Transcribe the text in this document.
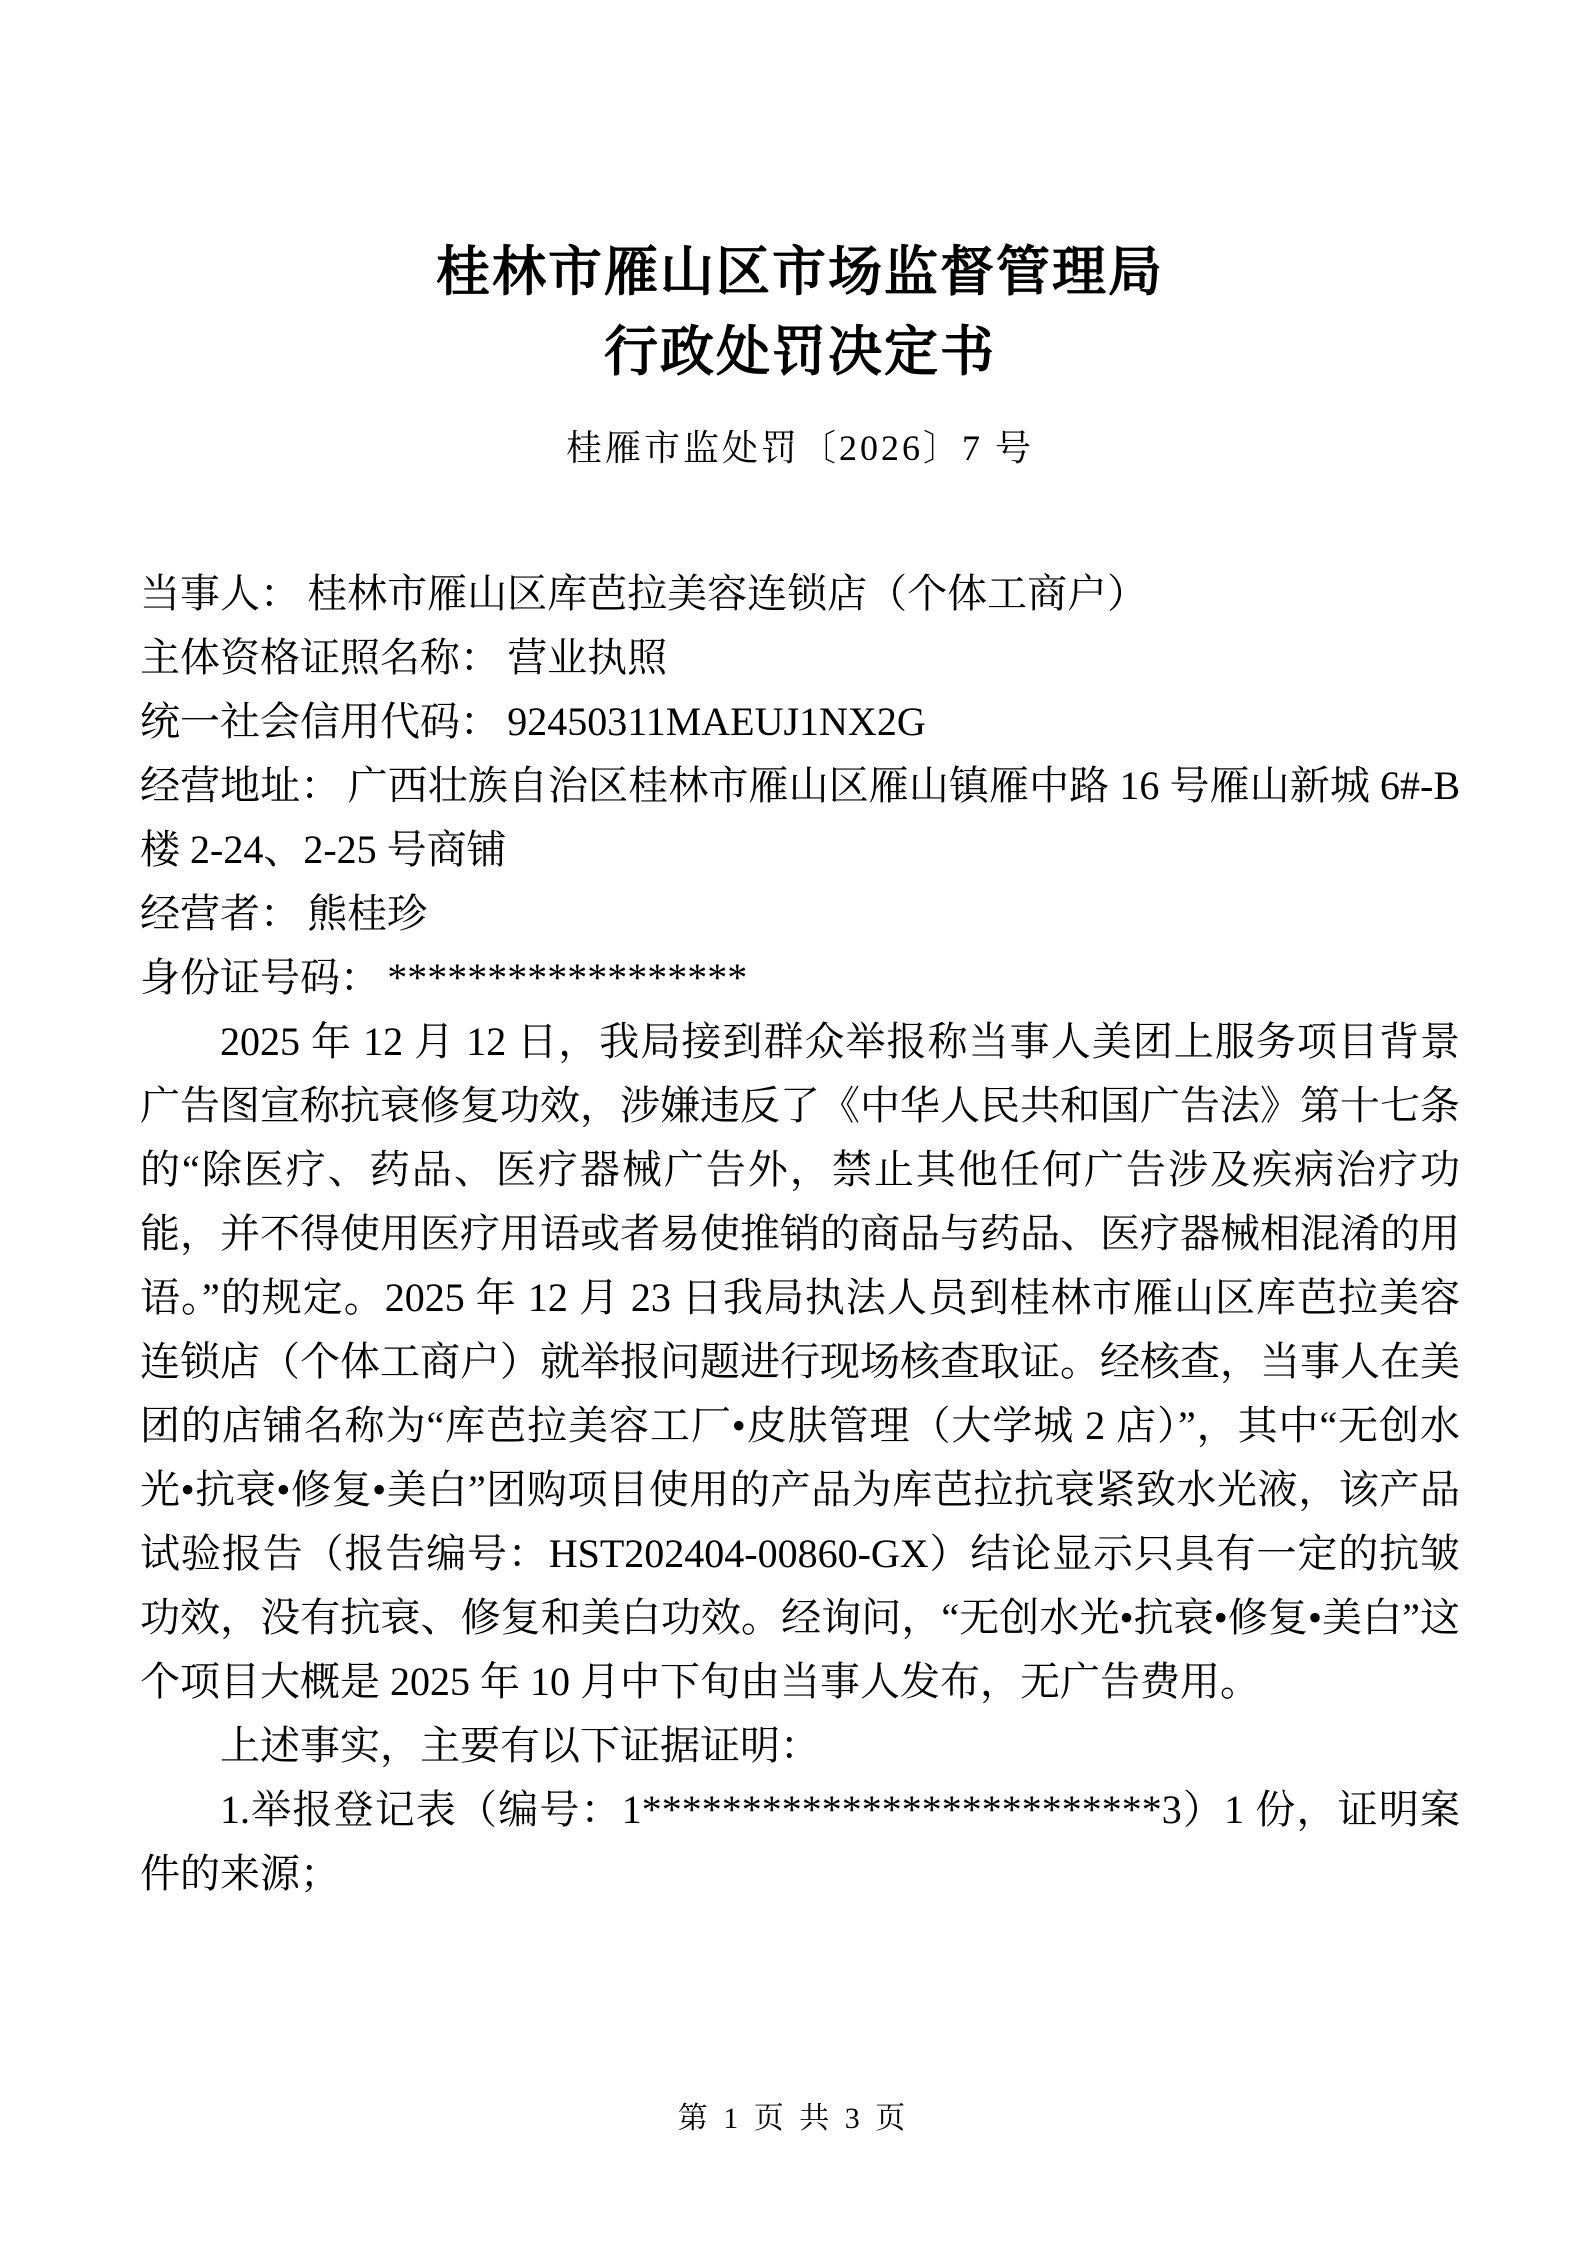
桂林市雁山区市场监督管理局
行政处罚决定书
桂雁市监处罚〔2026〕7 号

当事人： 桂林市雁山区库芭拉美容连锁店（个体工商户）

主体资格证照名称： 营业执照

统一社会信用代码： 92450311MAEUJ1NX2G

经营地址： 广西壮族自治区桂林市雁山区雁山镇雁中路 16 号雁山新城 6#-B 楼 2-24、2-25 号商铺

经营者： 熊桂珍

身份证号码： ******************

2025 年 12 月 12 日，我局接到群众举报称当事人美团上服务项目背景广告图宣称抗衰修复功效，涉嫌违反了《中华人民共和国广告法》第十七条的“除医疗、药品、医疗器械广告外，禁止其他任何广告涉及疾病治疗功能，并不得使用医疗用语或者易使推销的商品与药品、医疗器械相混淆的用语。”的规定。2025 年 12 月 23 日我局执法人员到桂林市雁山区库芭拉美容连锁店（个体工商户）就举报问题进行现场核查取证。经核查，当事人在美团的店铺名称为“库芭拉美容工厂•皮肤管理（大学城 2 店）”，其中“无创水光•抗衰•修复•美白”团购项目使用的产品为库芭拉抗衰紧致水光液，该产品试验报告（报告编号：HST202404-00860-GX）结论显示只具有一定的抗皱功效，没有抗衰、修复和美白功效。经询问，“无创水光•抗衰•修复•美白”这个项目大概是 2025 年 10 月中下旬由当事人发布，无广告费用。

上述事实，主要有以下证据证明：

1.举报登记表（编号：1**************************3）1 份，证明案件的来源；

第 1 页 共 3 页
